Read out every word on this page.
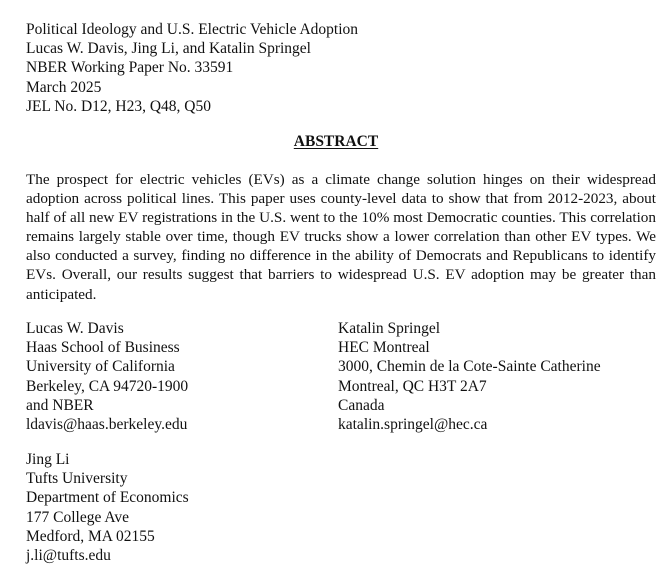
Political Ideology and U.S. Electric Vehicle Adoption
Lucas W. Davis, Jing Li, and Katalin Springel
NBER Working Paper No. 33591
March 2025
JEL No. D12, H23, Q48, Q50
ABSTRACT

The prospect for electric vehicles (EVs) as a climate change solution hinges on their widespread adoption across political lines. This paper uses county-level data to show that from 2012-2023, about half of all new EV registrations in the U.S. went to the 10% most Democratic counties. This correlation remains largely stable over time, though EV trucks show a lower correlation than other EV types. We also conducted a survey, finding no difference in the ability of Democrats and Republicans to identify EVs. Overall, our results suggest that barriers to widespread U.S. EV adoption may be greater than anticipated.

Lucas W. Davis
Haas School of Business
University of California
Berkeley, CA 94720-1900
and NBER
ldavis@haas.berkeley.edu
Katalin Springel
HEC Montreal
3000, Chemin de la Cote-Sainte Catherine
Montreal, QC H3T 2A7
Canada
katalin.springel@hec.ca
Jing Li
Tufts University
Department of Economics
177 College Ave
Medford, MA 02155
j.li@tufts.edu
